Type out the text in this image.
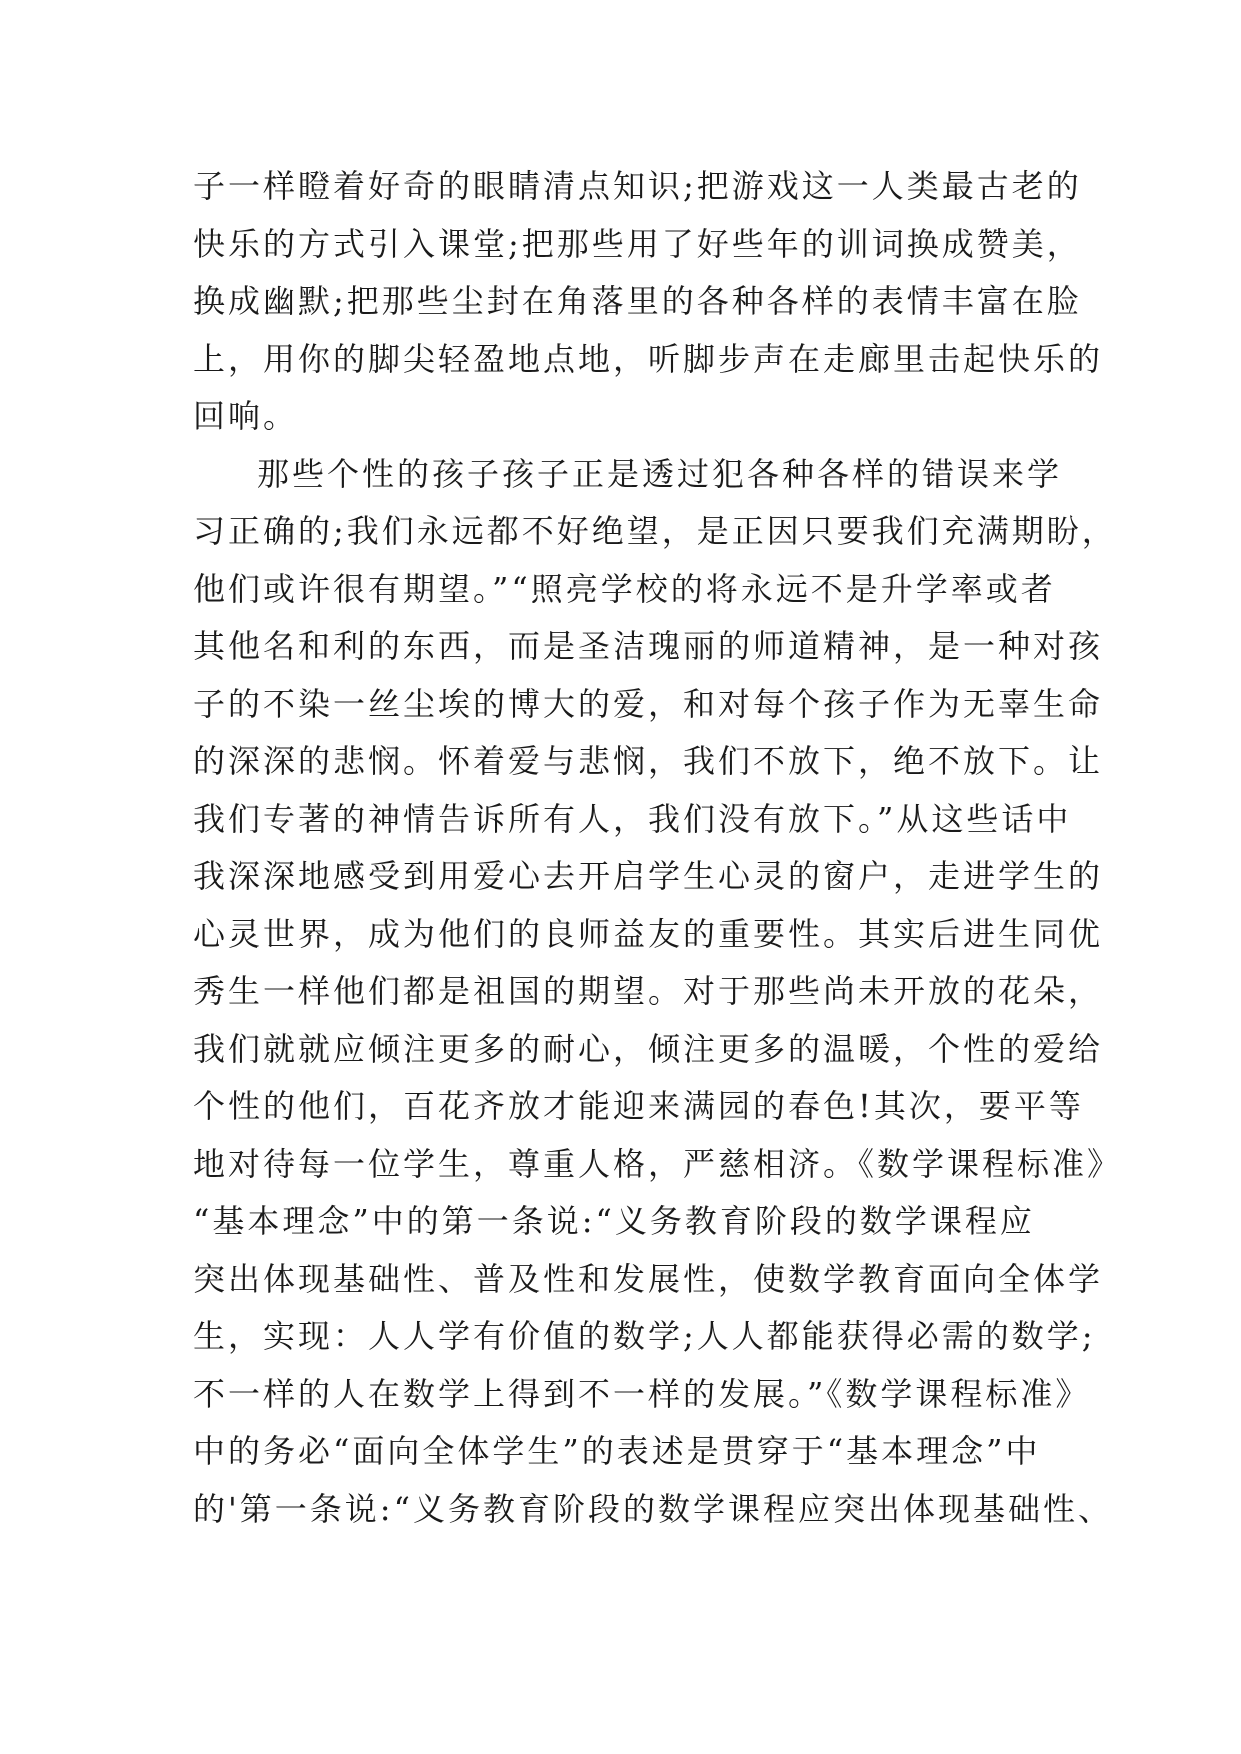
子一样瞪着好奇的眼睛清点知识;把游戏这一人类最古老的
快乐的方式引入课堂;把那些用了好些年的训词换成赞美，
换成幽默;把那些尘封在角落里的各种各样的表情丰富在脸
上，用你的脚尖轻盈地点地，听脚步声在走廊里击起快乐的
回响。
那些个性的孩子孩子正是透过犯各种各样的错误来学
习正确的;我们永远都不好绝望，是正因只要我们充满期盼，
他们或许很有期望。”“照亮学校的将永远不是升学率或者
其他名和利的东西，而是圣洁瑰丽的师道精神，是一种对孩
子的不染一丝尘埃的博大的爱，和对每个孩子作为无辜生命
的深深的悲悯。怀着爱与悲悯，我们不放下，绝不放下。让
我们专著的神情告诉所有人，我们没有放下。”从这些话中
我深深地感受到用爱心去开启学生心灵的窗户，走进学生的
心灵世界，成为他们的良师益友的重要性。其实后进生同优
秀生一样他们都是祖国的期望。对于那些尚未开放的花朵，
我们就就应倾注更多的耐心，倾注更多的温暖，个性的爱给
个性的他们，百花齐放才能迎来满园的春色!其次，要平等
地对待每一位学生，尊重人格，严慈相济。《数学课程标准》
“基本理念”中的第一条说:“义务教育阶段的数学课程应
突出体现基础性、普及性和发展性，使数学教育面向全体学
生，实现：人人学有价值的数学;人人都能获得必需的数学;
不一样的人在数学上得到不一样的发展。”《数学课程标准》
中的务必“面向全体学生”的表述是贯穿于“基本理念”中
的'第一条说:“义务教育阶段的数学课程应突出体现基础性、
